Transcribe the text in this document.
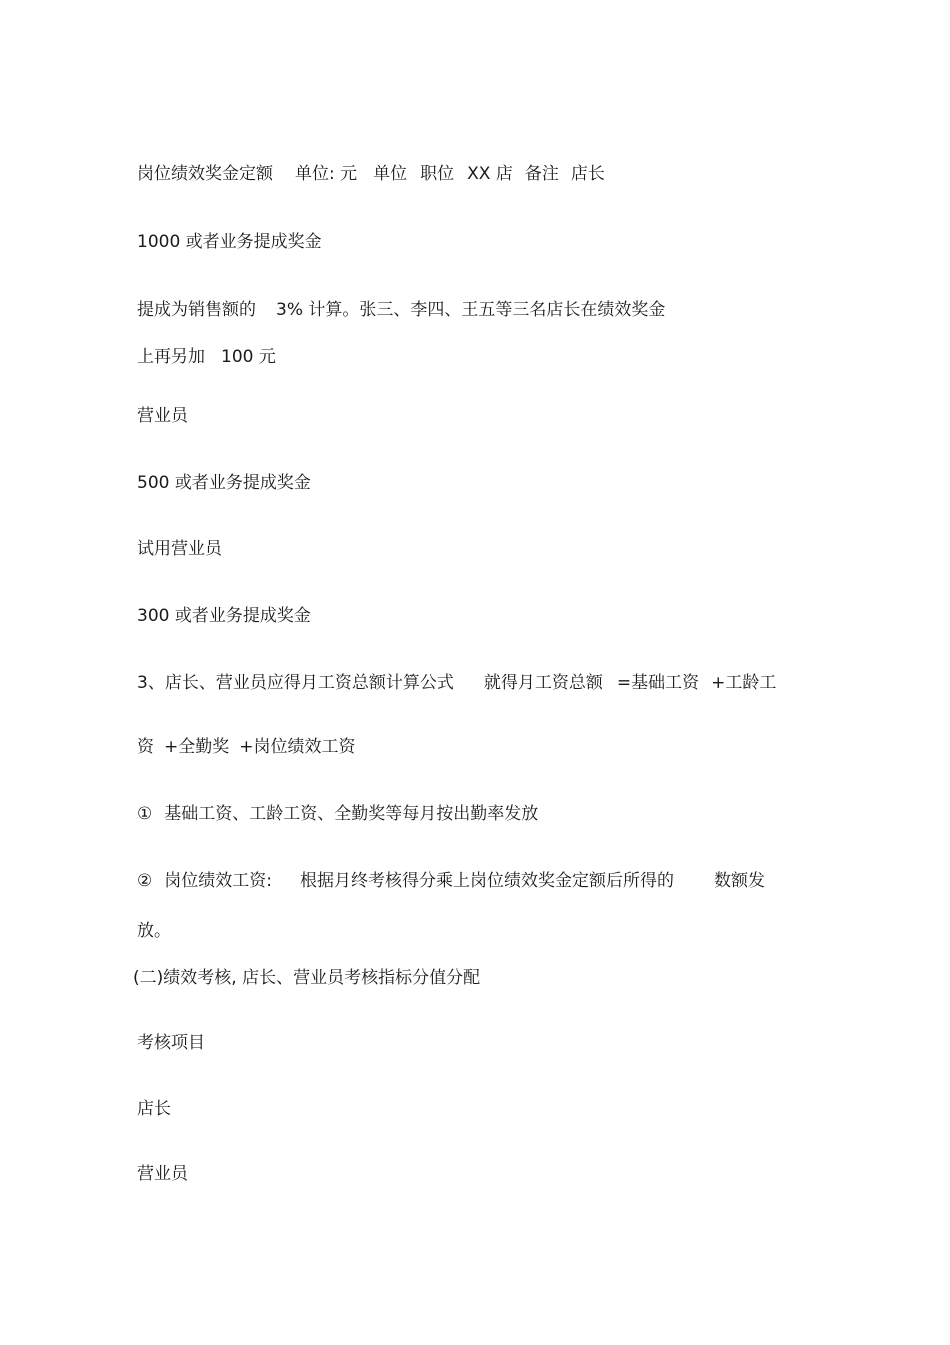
岗位绩效奖金定额 单位: 元 单位 职位 XX 店 备注 店长
1000 或者业务提成奖金
提成为销售额的 3% 计算。张三、李四、王五等三名店长在绩效奖金
上再另加 100 元
营业员
500 或者业务提成奖金
试用营业员
300 或者业务提成奖金
3、店长、营业员应得月工资总额计算公式 就得月工资总额 =基础工资 +工龄工
资 +全勤奖 +岗位绩效工资
① 基础工资、工龄工资、全勤奖等每月按出勤率发放
② 岗位绩效工资: 根据月终考核得分乘上岗位绩效奖金定额后所得的 数额发
放。
(二)绩效考核, 店长、营业员考核指标分值分配
考核项目
店长
营业员
